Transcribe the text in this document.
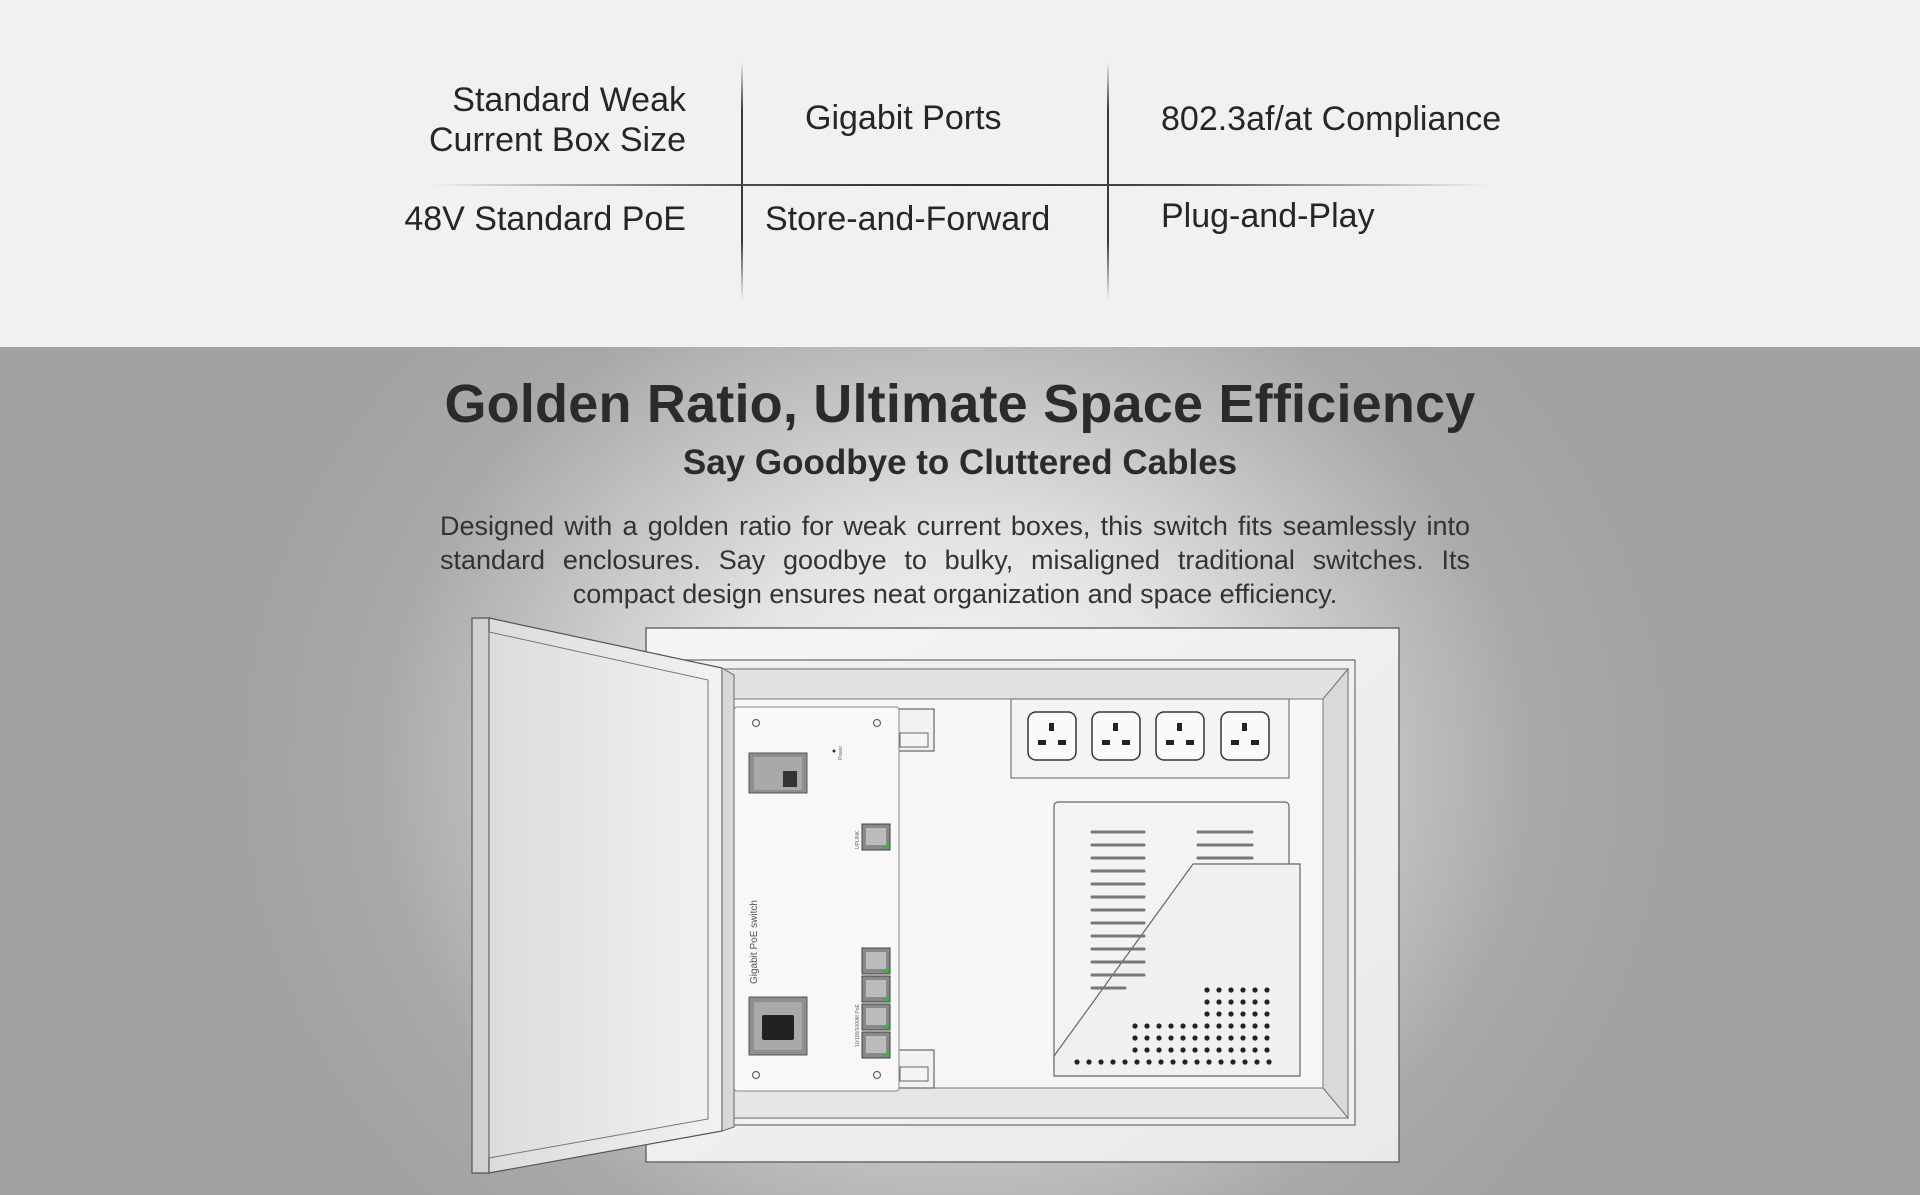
Standard Weak
Current Box Size
Gigabit Ports	802.3af/at Compliance
48V Standard PoE Store-and-Forward	Plug-and-Play
Golden Ratio, Ultimate Space Efficiency
Say Goodbye to Cluttered Cables

Designed with a golden ratio for weak current boxes, this switch fits seamlessly into standard enclosures. Say goodbye to bulky, misaligned traditional switches. Its compact design ensures neat organization and space efficiency.

Gigabit PoE switch
Power
UPLINK
10/100/1000M PoE
